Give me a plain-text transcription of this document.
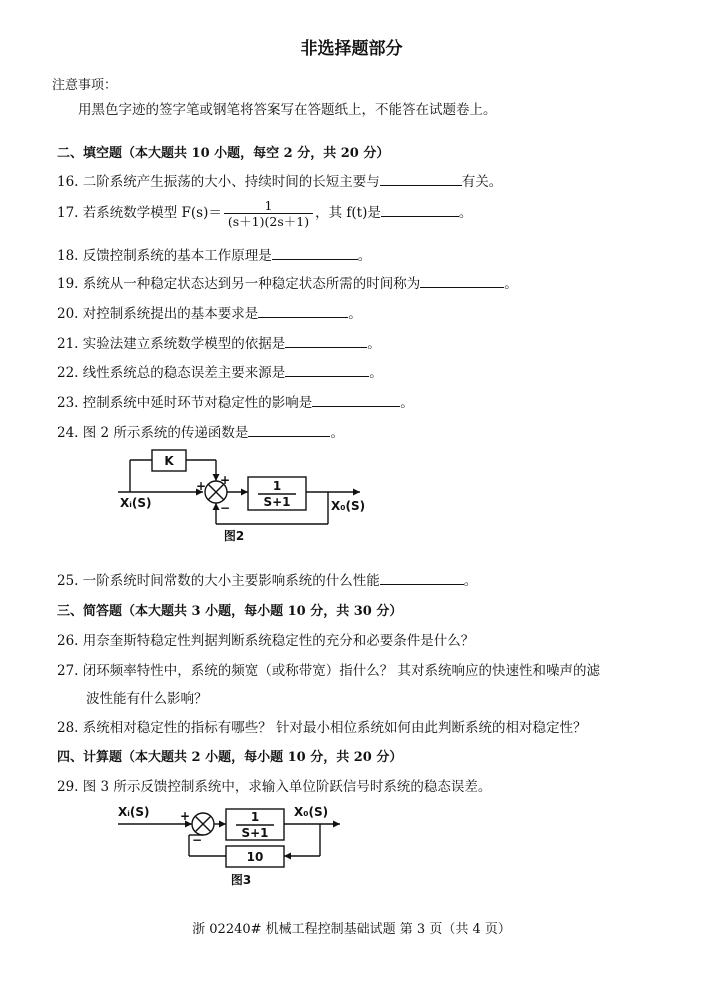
非选择题部分
注意事项：
用黑色字迹的签字笔或钢笔将答案写在答题纸上，不能答在试题卷上。
二、填空题（本大题共 10 小题，每空 2 分，共 20 分）
16. 二阶系统产生振荡的大小、持续时间的长短主要与	有关。
17. 若系统数学模型 $F(s)= \frac{1}{(s+1)(2s+1)}$ ，其 f(t)是	。
18. 反馈控制系统的基本工作原理是	。
19. 系统从一种稳定状态达到另一种稳定状态所需的时间称为	。
20. 对控制系统提出的基本要求是	。
21. 实验法建立系统数学模型的依据是	。
22. 线性系统总的稳态误差主要来源是	。
23. 控制系统中延时环节对稳定性的影响是	。
24. 图 2 所示系统的传递函数是	。
K
1
S+1
Xᵢ(S)	X₀(S)
+ +
−
图2
25. 一阶系统时间常数的大小主要影响系统的什么性能	。
三、简答题（本大题共 3 小题，每小题 10 分，共 30 分）
26. 用奈奎斯特稳定性判据判断系统稳定性的充分和必要条件是什么？
27. 闭环频率特性中，系统的频宽（或称带宽）指什么？ 其对系统响应的快速性和噪声的滤
波性能有什么影响？
28. 系统相对稳定性的指标有哪些？ 针对最小相位系统如何由此判断系统的相对稳定性？
四、计算题（本大题共 2 小题，每小题 10 分，共 20 分）
29. 图 3 所示反馈控制系统中，求输入单位阶跃信号时系统的稳态误差。
1
S+1
10
Xᵢ(S)	X₀(S)
+
−
图3
浙 02240# 机械工程控制基础试题 第 3 页（共 4 页）
